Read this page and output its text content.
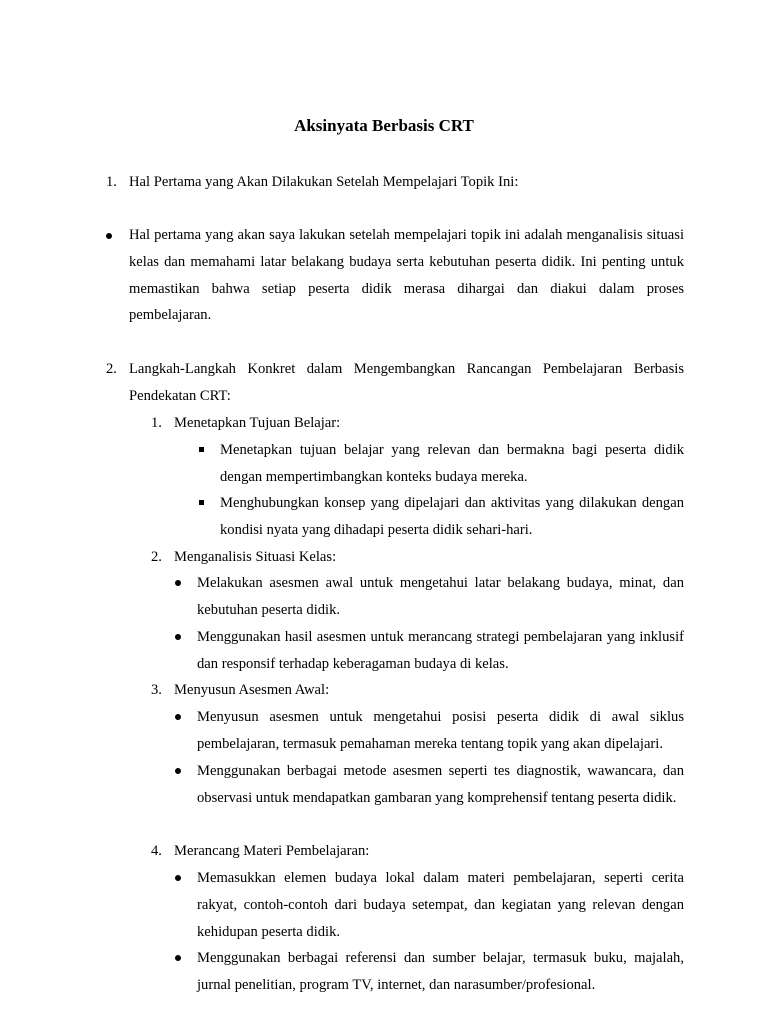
Aksinyata Berbasis CRT
1. Hal Pertama yang Akan Dilakukan Setelah Mempelajari Topik Ini:

Hal pertama yang akan saya lakukan setelah mempelajari topik ini adalah menganalisis situasi kelas dan memahami latar belakang budaya serta kebutuhan peserta didik. Ini penting untuk memastikan bahwa setiap peserta didik merasa dihargai dan diakui dalam proses pembelajaran.

2. Langkah-Langkah Konkret dalam Mengembangkan Rancangan Pembelajaran Berbasis Pendekatan CRT:

1. Menetapkan Tujuan Belajar:

Menetapkan tujuan belajar yang relevan dan bermakna bagi peserta didik dengan mempertimbangkan konteks budaya mereka.

Menghubungkan konsep yang dipelajari dan aktivitas yang dilakukan dengan kondisi nyata yang dihadapi peserta didik sehari-hari.

2. Menganalisis Situasi Kelas:

Melakukan asesmen awal untuk mengetahui latar belakang budaya, minat, dan kebutuhan peserta didik.

Menggunakan hasil asesmen untuk merancang strategi pembelajaran yang inklusif dan responsif terhadap keberagaman budaya di kelas.

3. Menyusun Asesmen Awal:

Menyusun asesmen untuk mengetahui posisi peserta didik di awal siklus pembelajaran, termasuk pemahaman mereka tentang topik yang akan dipelajari.

Menggunakan berbagai metode asesmen seperti tes diagnostik, wawancara, dan observasi untuk mendapatkan gambaran yang komprehensif tentang peserta didik.

4. Merancang Materi Pembelajaran:

Memasukkan elemen budaya lokal dalam materi pembelajaran, seperti cerita rakyat, contoh-contoh dari budaya setempat, dan kegiatan yang relevan dengan kehidupan peserta didik.

Menggunakan berbagai referensi dan sumber belajar, termasuk buku, majalah, jurnal penelitian, program TV, internet, dan narasumber/profesional.
